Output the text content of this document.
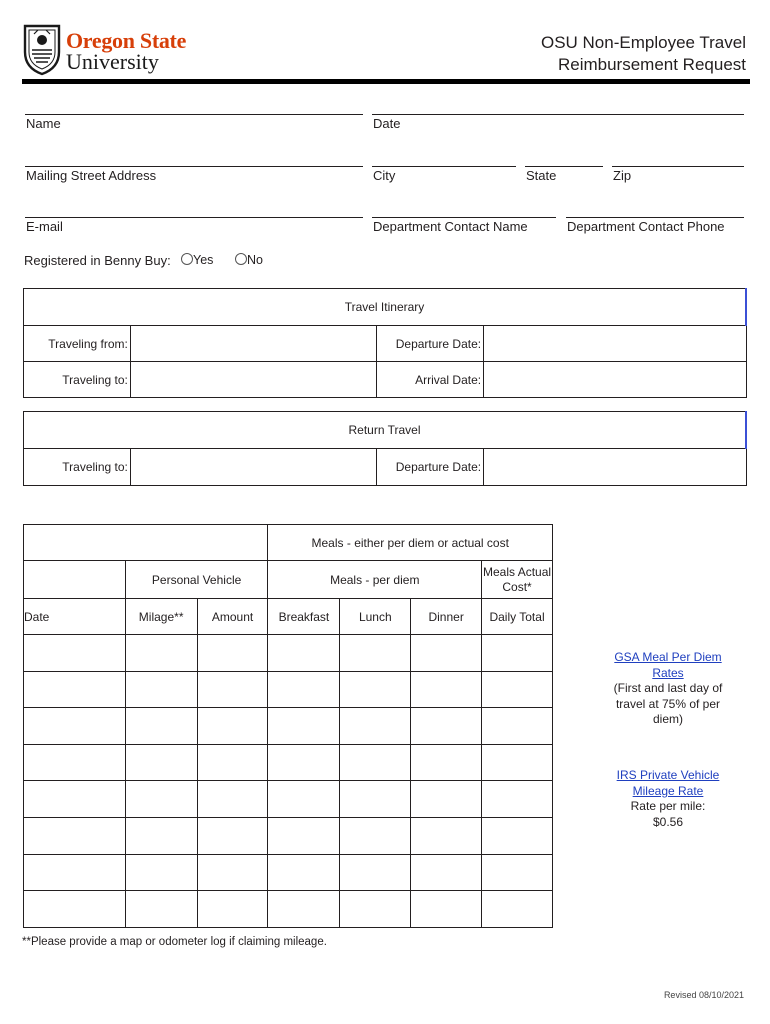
Oregon State
University
OSU Non-Employee Travel
Reimbursement Request
Name	Date
Mailing Street Address	City	State	Zip
E-mail	Department Contact Name	Department Contact Phone
Registered in Benny Buy:	Yes	No
Travel Itinerary			
Traveling from:		Departure Date:	
Traveling to:		Arrival Date:	
Return Travel
Traveling to:		Departure Date:	
			Meals - either per diem or actual cost			
	Personal Vehicle		Meals - per diem			Meals Actual Cost*
Date	Milage**	Amount	Breakfast	Lunch	Dinner	Daily Total

GSA Meal Per Diem Rates
(First and last day of travel at 75% of per diem)
IRS Private Vehicle Mileage Rate
Rate per mile:
$0.56
**Please provide a map or odometer log if claiming mileage.
Revised 08/10/2021
